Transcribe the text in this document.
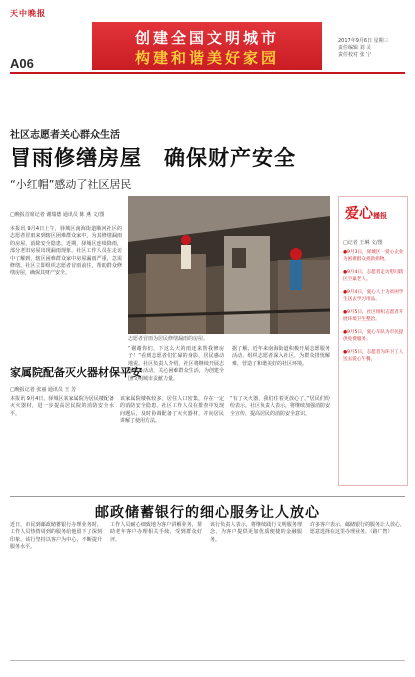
天中晚报
A06
创建全国文明城市
构建和谐美好家园
2017年9月6日 星期三
责任编辑 刘 灵
责任校对 张 宁
社区志愿者关心群众生活
冒雨修缮房屋　确保财产安全
“小红帽”感动了社区居民
□晚报首席记者 谢瑞德 通讯员 陈 燕 文/图
本报讯 9月4日上午，驿城区南海街道顺河社区的志愿者冒雨来到辖区困难群众家中，为其修缮漏雨的房屋，消除安全隐患。近期，驿城区连续降雨，部分老旧房屋出现漏雨现象。社区工作人员在走访中了解到，辖区困难群众家中房屋漏雨严重，急需修缮。社区立即组织志愿者冒雨前往，帮助群众修缮房屋，确保其财产安全。
志愿者冒雨为居民修缮漏雨的房屋。
“谢谢你们，下这么大的雨还来帮我修房子！”看到志愿者们忙碌的身影，居民感动地说。社区负责人介绍，社区将继续开展志愿服务活动，关心困难群众生活，为创建全国文明城市贡献力量。
据了解，近年来南海街道积极开展志愿服务活动，组织志愿者深入社区，为群众排忧解难，营造了和谐美好的社区环境。
爱心播报
□记者 王琳 文/图

●9月3日，驿城区一爱心企业为困难群众捐款捐物。

●9月4日，志愿者走访慰问辖区空巢老人。

●9月4日，爱心人士为贫困学生送去学习用品。

●9月5日，社区组织志愿者开展环境卫生整治。

●9月5日，爱心车队为市民提供免费服务。

●9月5日，志愿者为环卫工人送去爱心午餐。

家属院配备灭火器材保平安
□晚报记者 张丽 通讯员 王 芳
本报讯 9月4日，驿城区某家属院为居民楼配备灭火器材，进一步提高居民院的消防安全水平。
该家属院楼栋较多，居住人口密集，存在一定的消防安全隐患。社区工作人员在排查中发现问题后，及时协调配备了灭火器材，并向居民讲解了使用方法。
“有了灭火器，我们住着更放心了。”居民们纷纷表示。社区负责人表示，将继续加强消防安全宣传，提高居民的消防安全意识。
邮政储蓄银行的细心服务让人放心
近日，市民到邮政储蓄银行办理业务时，工作人员热情周到的服务给他留下了深刻印象。该行坚持以客户为中心，不断提升服务水平。
工作人员耐心细致地为客户讲解业务，帮助老年客户办理相关手续，受到群众好评。
该行负责人表示，将继续践行文明服务理念，为客户提供更加优质便捷的金融服务。
许多客户表示，邮储银行的服务让人放心，愿意选择在这里办理业务。（路广智）
